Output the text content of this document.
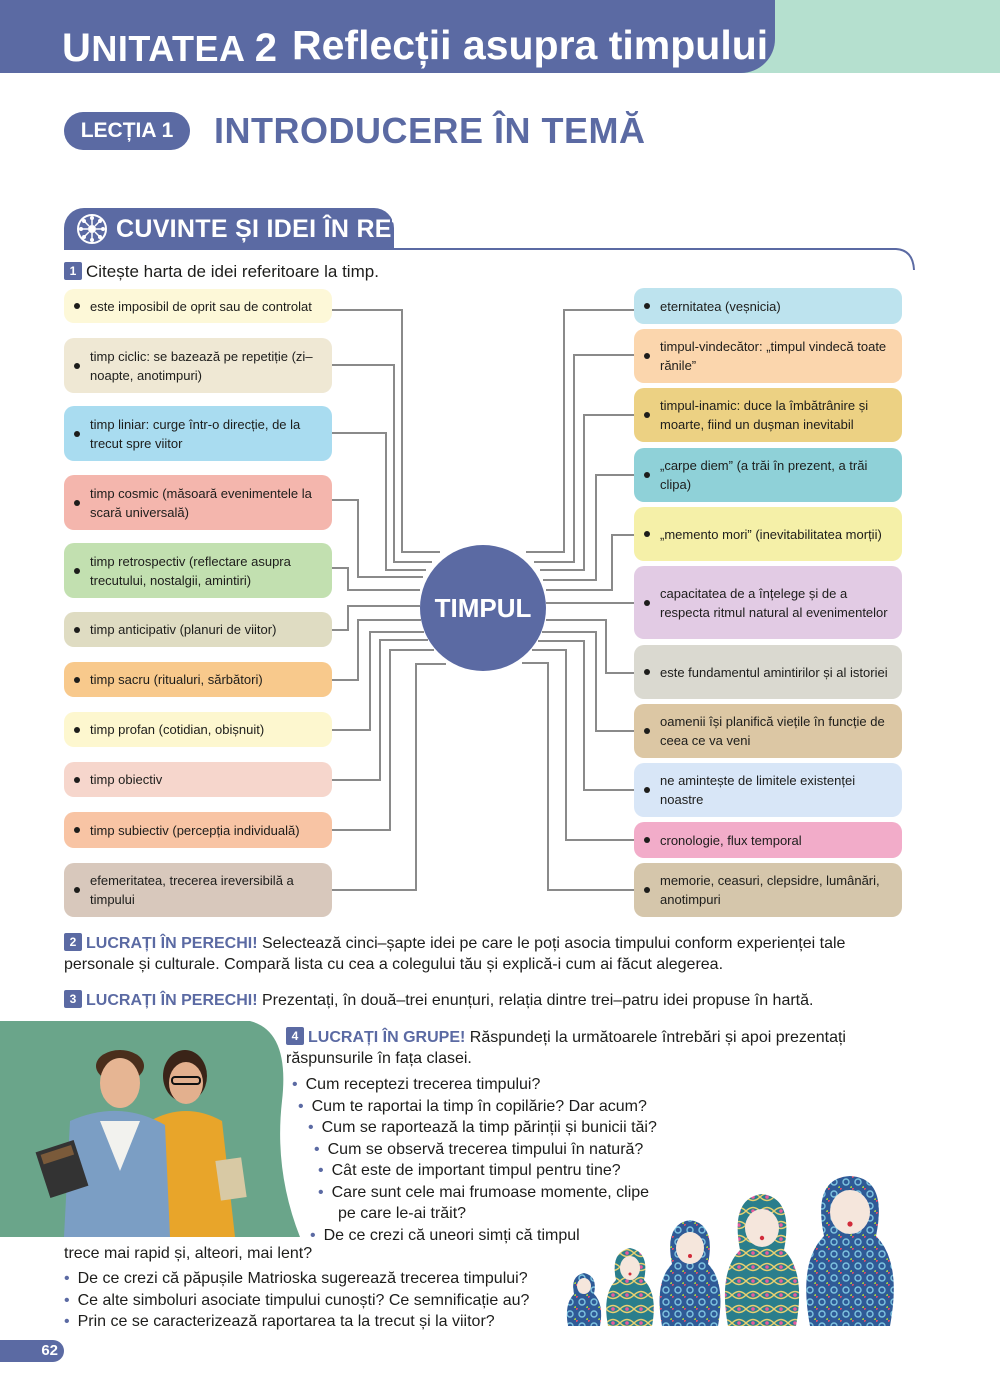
UNITATEA 2 Reflecții asupra timpului
LECȚIA 1	INTRODUCERE ÎN TEMĂ
CUVINTE ȘI IDEI ÎN REȚEA
1 Citește harta de idei referitoare la timp.
este imposibil de oprit sau de controlat
timp ciclic: se bazează pe repetiție (zi–noapte, anotimpuri)
timp liniar: curge într-o direcție, de la trecut spre viitor
timp cosmic (măsoară evenimentele la scară universală)
timp retrospectiv (reflectare asupra trecutului, nostalgii, amintiri)
timp anticipativ (planuri de viitor)
timp sacru (ritualuri, sărbători)
timp profan (cotidian, obișnuit)
timp obiectiv
timp subiectiv (percepția individuală)
efemeritatea, trecerea ireversibilă a timpului
eternitatea (veșnicia)
timpul-vindecător: „timpul vindecă toate rănile”
timpul-inamic: duce la îmbătrânire și moarte, fiind un dușman inevitabil
„carpe diem” (a trăi în prezent, a trăi clipa)
„memento mori” (inevitabilitatea morții)
capacitatea de a înțelege și de a respecta ritmul natural al evenimentelor
este fundamentul amintirilor și al istoriei
oamenii își planifică viețile în funcție de ceea ce va veni
ne amintește de limitele existenței noastre
cronologie, flux temporal
memorie, ceasuri, clepsidre, lumânări, anotimpuri
TIMPUL
2 LUCRAȚI ÎN PERECHI! Selectează cinci–șapte idei pe care le poți asocia timpului conform experienței tale personale și culturale. Compară lista cu cea a colegului tău și explică-i cum ai făcut alegerea.
3 LUCRAȚI ÎN PERECHI! Prezentați, în două–trei enunțuri, relația dintre trei–patru idei propuse în hartă.
4 LUCRAȚI ÎN GRUPE! Răspundeți la următoarele întrebări și apoi prezentați răspunsurile în fața clasei.
• Cum receptezi trecerea timpului?
• Cum te raportai la timp în copilărie? Dar acum?
• Cum se raportează la timp părinții și bunicii tăi?
• Cum se observă trecerea timpului în natură?
• Cât este de important timpul pentru tine?
• Care sunt cele mai frumoase momente, clipe
pe care le-ai trăit?
• De ce crezi că uneori simți că timpul
trece mai rapid și, alteori, mai lent?
• De ce crezi că păpușile Matrioska sugerează trecerea timpului?
• Ce alte simboluri asociate timpului cunoști? Ce semnificație au?
• Prin ce se caracterizează raportarea ta la trecut și la viitor?
62
